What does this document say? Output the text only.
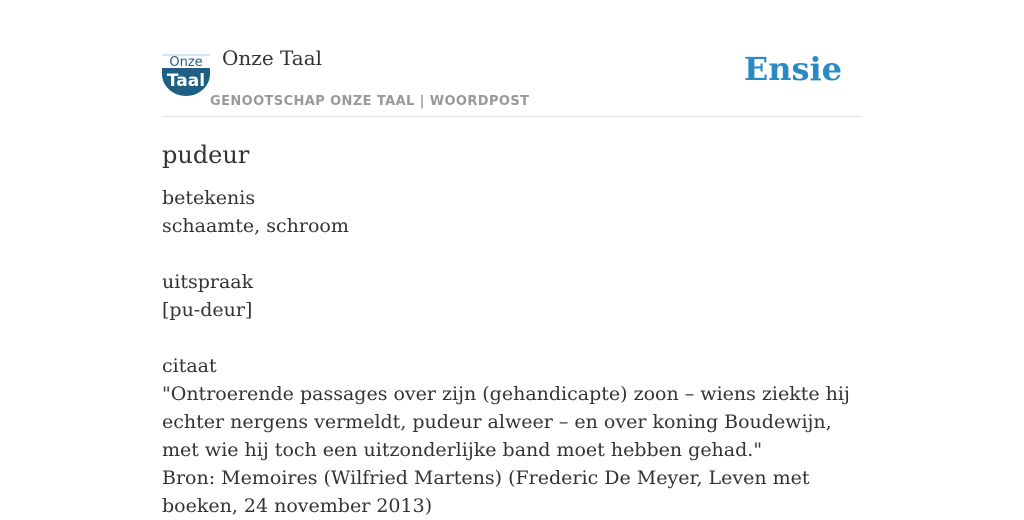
Onze
Taal
Onze Taal
GENOOTSCHAP ONZE TAAL | WOORDPOST
Ensie
pudeur
betekenis
schaamte, schroom
uitspraak
[pu-deur]
citaat
"Ontroerende passages over zijn (gehandicapte) zoon – wiens ziekte hij echter nergens vermeldt, pudeur alweer – en over koning Boudewijn, met wie hij toch een uitzonderlijke band moet hebben gehad."
Bron: Memoires (Wilfried Martens) (Frederic De Meyer, Leven met boeken, 24 november 2013)
